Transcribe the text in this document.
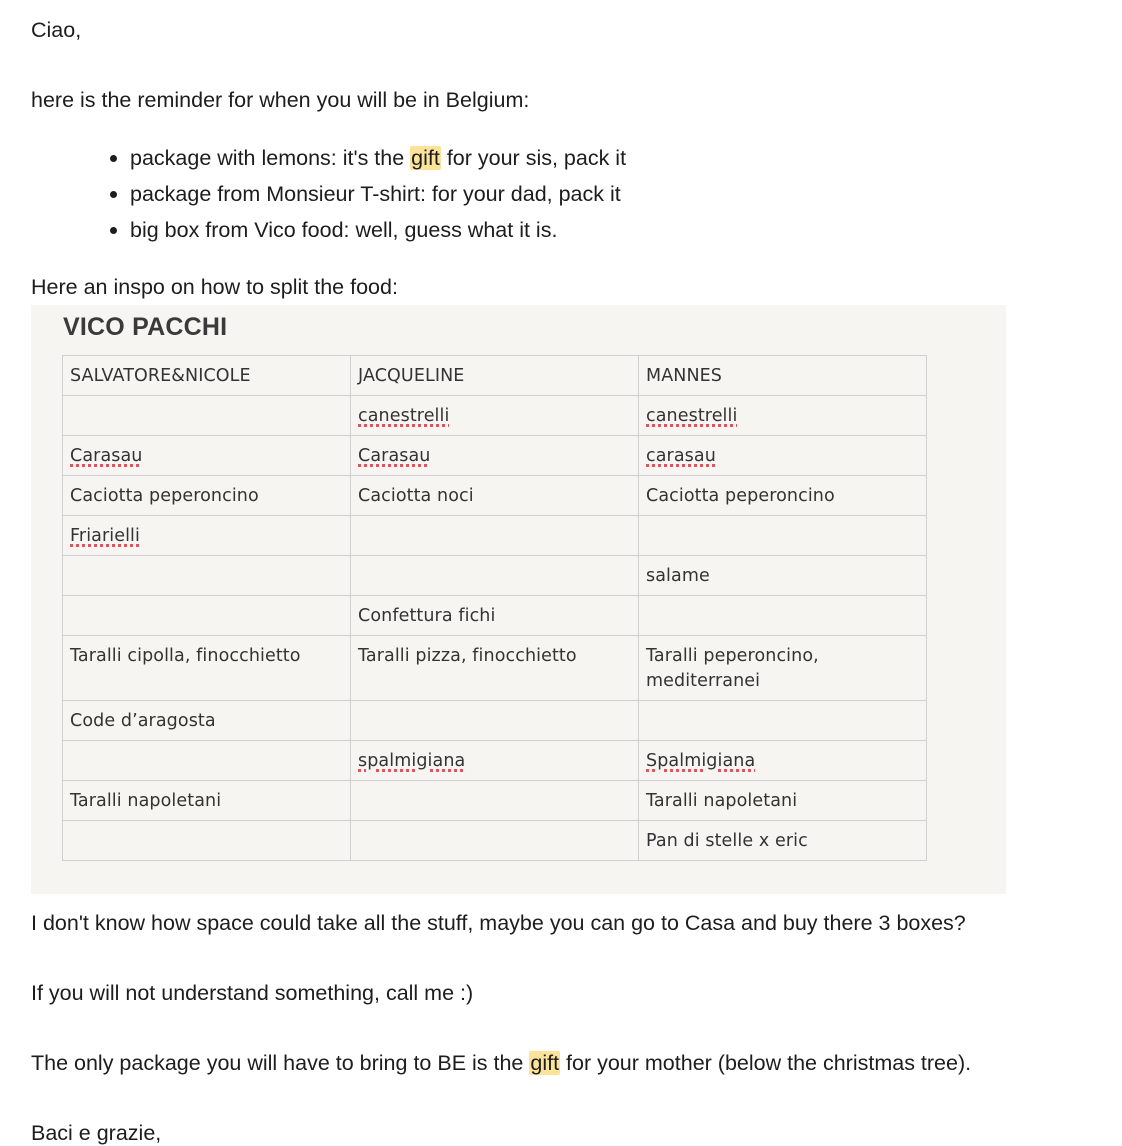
Ciao,
here is the reminder for when you will be in Belgium:
package with lemons: it's the gift for your sis, pack it
package from Monsieur T-shirt: for your dad, pack it
big box from Vico food: well, guess what it is.
Here an inspo on how to split the food:
I don't know how space could take all the stuff, maybe you can go to Casa and buy there 3 boxes?
If you will not understand something, call me :)
The only package you will have to bring to BE is the gift for your mother (below the christmas tree).
Baci e grazie,
VICO PACCHI
SALVATORE&NICOLE	JACQUELINE	MANNES
	canestrelli	canestrelli
Carasau	Carasau	carasau
Caciotta peperoncino	Caciotta noci	Caciotta peperoncino
Friarielli		
		salame
	Confettura fichi	
Taralli cipolla, finocchietto	Taralli pizza, finocchietto	Taralli peperoncino, mediterranei
Code d’aragosta		
	spalmigiana	Spalmigiana
Taralli napoletani		Taralli napoletani
		Pan di stelle x eric
